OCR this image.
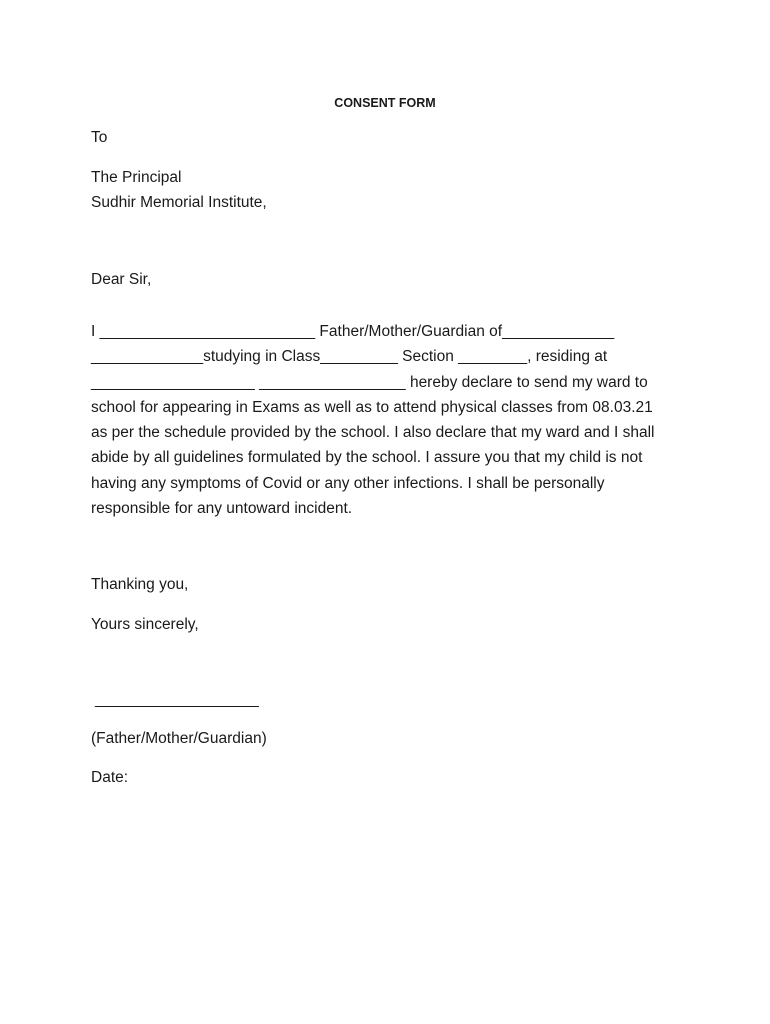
CONSENT FORM
To
The Principal
Sudhir Memorial Institute,
Dear Sir,
I _________________________ Father/Mother/Guardian of_____________
_____________studying in Class_________ Section ________, residing at
___________________ _________________ hereby declare to send my ward to
school for appearing in Exams as well as to attend physical classes from 08.03.21
as per the schedule provided by the school. I also declare that my ward and I shall
abide by all guidelines formulated by the school. I assure you that my child is not
having any symptoms of Covid or any other infections. I shall be personally
responsible for any untoward incident.
Thanking you,
Yours sincerely,
___________________
(Father/Mother/Guardian)
Date:
